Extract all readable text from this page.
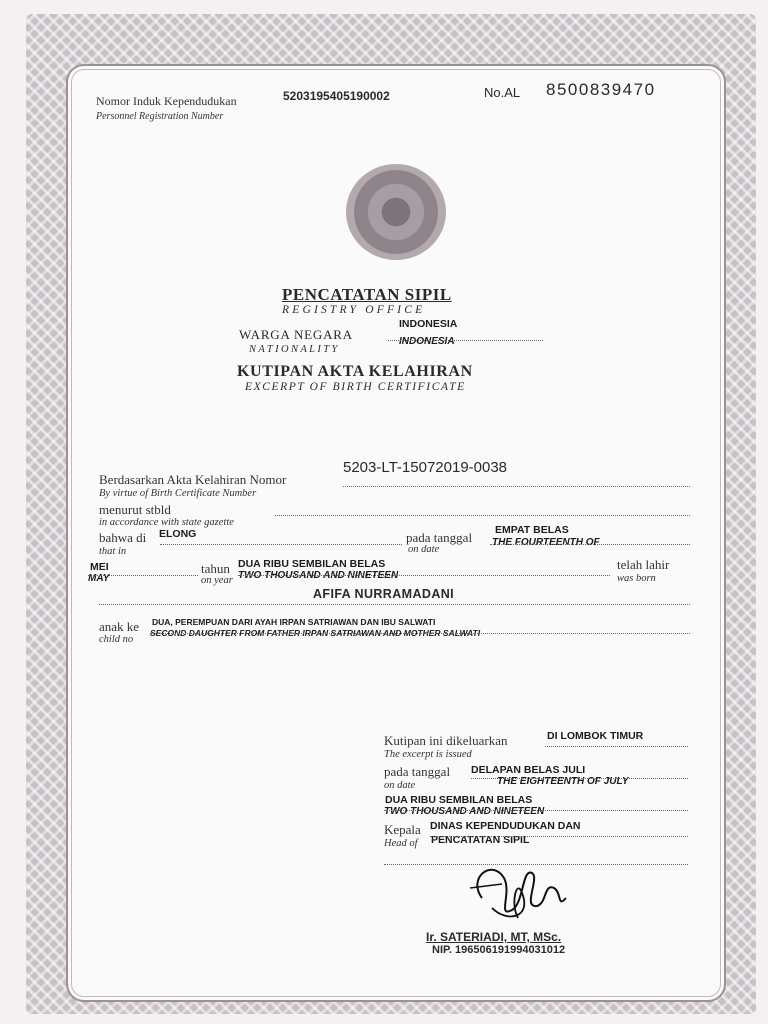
Nomor Induk Kependudukan
Personnel Registration Number
5203195405190002	No.AL 8500839470
PENCATATAN SIPIL
REGISTRY OFFICE
WARGA NEGARA
NATIONALITY
INDONESIA
INDONESIA
KUTIPAN AKTA KELAHIRAN
EXCERPT OF BIRTH CERTIFICATE
5203-LT-15072019-0038
Berdasarkan Akta Kelahiran Nomor
By virtue of Birth Certificate Number
menurut stbld
in accordance with state gazette
bahwa di
that in
ELONG	pada tanggal
on date
EMPAT BELAS
THE FOURTEENTH OF
MEI
MAY
tahun
on year
DUA RIBU SEMBILAN BELAS
TWO THOUSAND AND NINETEEN
telah lahir
was born
AFIFA NURRAMADANI
anak ke
child no
DUA, PEREMPUAN DARI AYAH IRPAN SATRIAWAN DAN IBU SALWATI
SECOND DAUGHTER FROM FATHER IRPAN SATRIAWAN AND MOTHER SALWATI
Kutipan ini dikeluarkan
The excerpt is issued
DI LOMBOK TIMUR
pada tanggal
on date
DELAPAN BELAS JULI
THE EIGHTEENTH OF JULY
DUA RIBU SEMBILAN BELAS
TWO THOUSAND AND NINETEEN
Kepala
Head of
DINAS KEPENDUDUKAN DAN
PENCATATAN SIPIL
Ir. SATERIADI, MT, MSc.
NIP. 196506191994031012
